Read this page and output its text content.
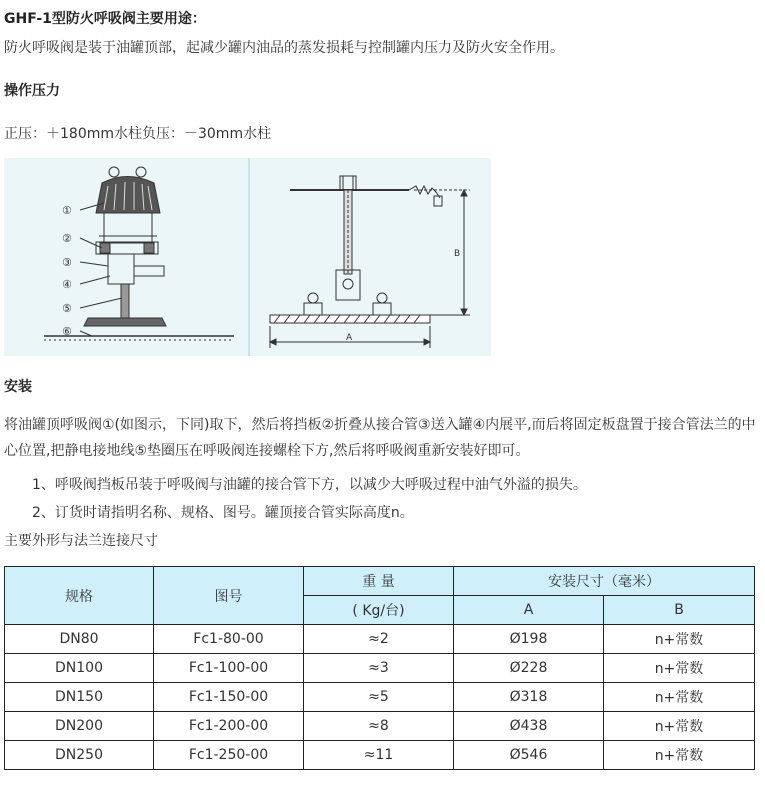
GHF-1型防火呼吸阀主要用途：
防火呼吸阀是装于油罐顶部，起减少罐内油品的蒸发损耗与控制罐内压力及防火安全作用。
操作压力
正压：＋180mm水柱负压：－30mm水柱
①
②
③
④
⑤
⑥	A
B
安装
将油罐顶呼吸阀①(如图示，下同)取下，然后将挡板②折叠从接合管③送入罐④内展平,而后将固定板盘置于接合管法兰的中心位置,把静电接地线⑤垫圈压在呼吸阀连接螺栓下方,然后将呼吸阀重新安装好即可。
1、呼吸阀挡板吊装于呼吸阀与油罐的接合管下方，以减少大呼吸过程中油气外溢的损失。
2、订货时请指明名称、规格、图号。罐顶接合管实际高度n。
主要外形与法兰连接尺寸
规格	图号	重 量	安装尺寸（毫米）	
		( Kg/台)	A	B
DN80	Fc1-80-00	≈2	Ø198	n+常数
DN100	Fc1-100-00	≈3	Ø228	n+常数
DN150	Fc1-150-00	≈5	Ø318	n+常数
DN200	Fc1-200-00	≈8	Ø438	n+常数
DN250	Fc1-250-00	≈11	Ø546	n+常数
